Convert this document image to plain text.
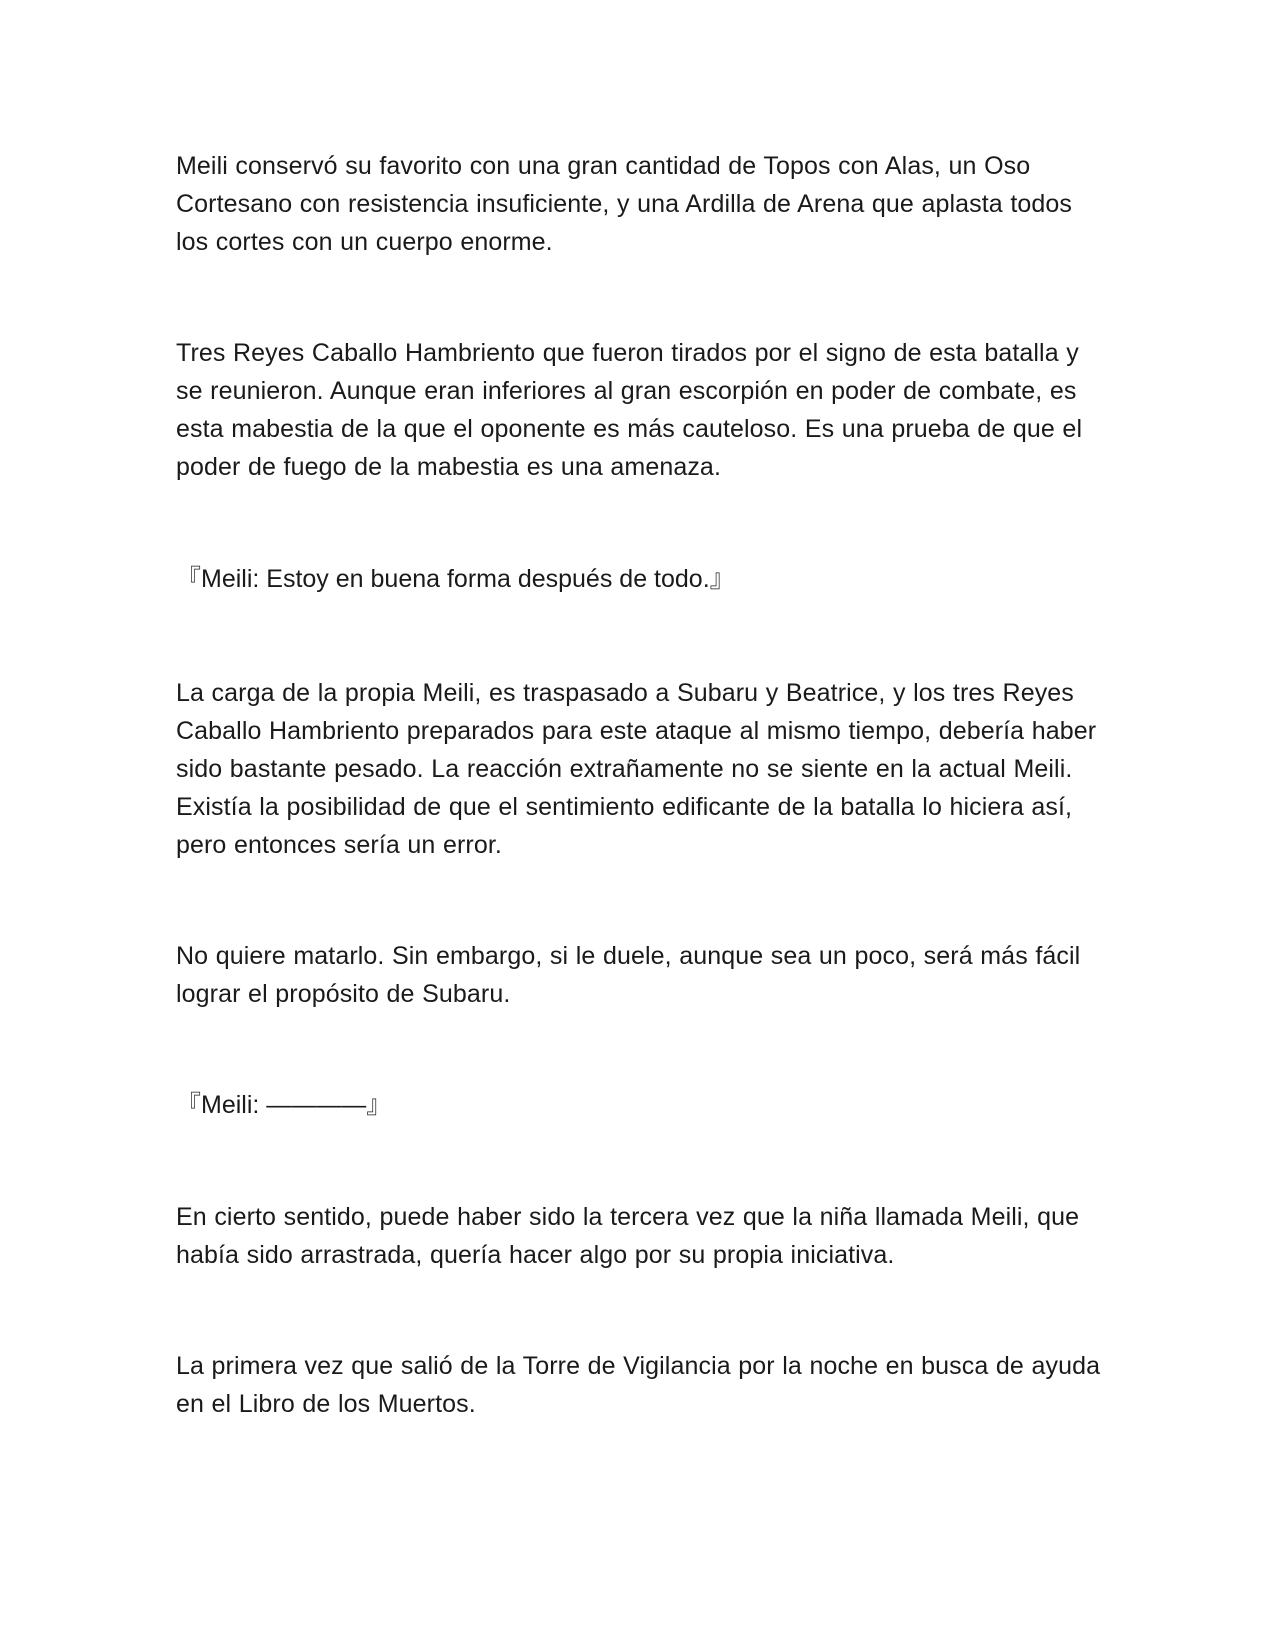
Meili conservó su favorito con una gran cantidad de Topos con Alas, un Oso Cortesano con resistencia insuficiente, y una Ardilla de Arena que aplasta todos los cortes con un cuerpo enorme.

Tres Reyes Caballo Hambriento que fueron tirados por el signo de esta batalla y se reunieron. Aunque eran inferiores al gran escorpión en poder de combate, es esta mabestia de la que el oponente es más cauteloso. Es una prueba de que el poder de fuego de la mabestia es una amenaza.

『Meili: Estoy en buena forma después de todo.』

La carga de la propia Meili, es traspasado a Subaru y Beatrice, y los tres Reyes Caballo Hambriento preparados para este ataque al mismo tiempo, debería haber sido bastante pesado. La reacción extrañamente no se siente en la actual Meili. Existía la posibilidad de que el sentimiento edificante de la batalla lo hiciera así, pero entonces sería un error.

No quiere matarlo. Sin embargo, si le duele, aunque sea un poco, será más fácil lograr el propósito de Subaru.

『Meili: ————』

En cierto sentido, puede haber sido la tercera vez que la niña llamada Meili, que había sido arrastrada, quería hacer algo por su propia iniciativa.

La primera vez que salió de la Torre de Vigilancia por la noche en busca de ayuda en el Libro de los Muertos.
